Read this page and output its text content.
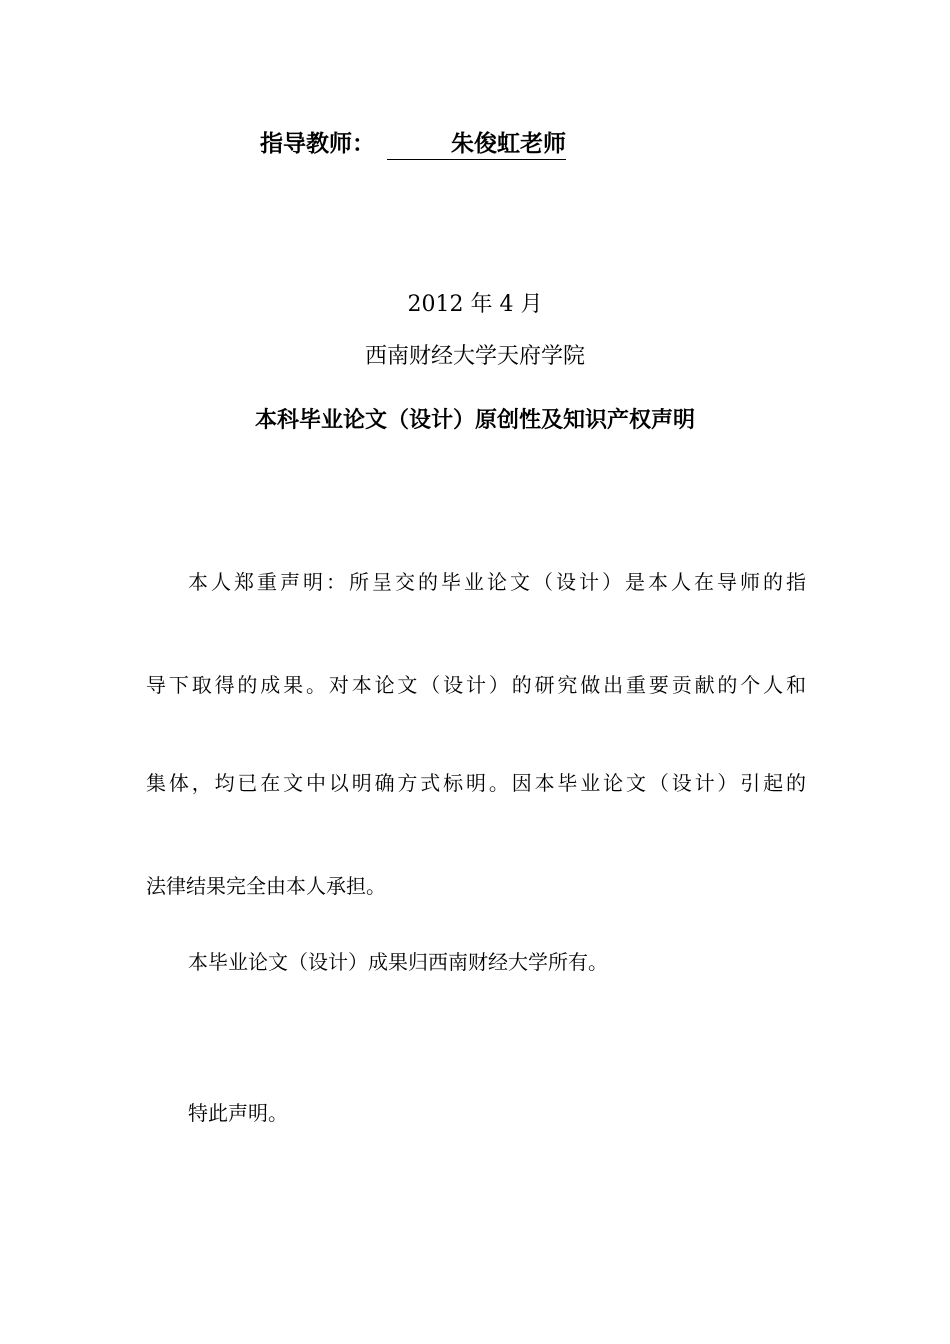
指导教师：	朱俊虹老师
2012 年 4 月
西南财经大学天府学院
本科毕业论文（设计）原创性及知识产权声明
本人郑重声明：所呈交的毕业论文（设计）是本人在导师的指
导下取得的成果。对本论文（设计）的研究做出重要贡献的个人和
集体，均已在文中以明确方式标明。因本毕业论文（设计）引起的
法律结果完全由本人承担。
本毕业论文（设计）成果归西南财经大学所有。
特此声明。
